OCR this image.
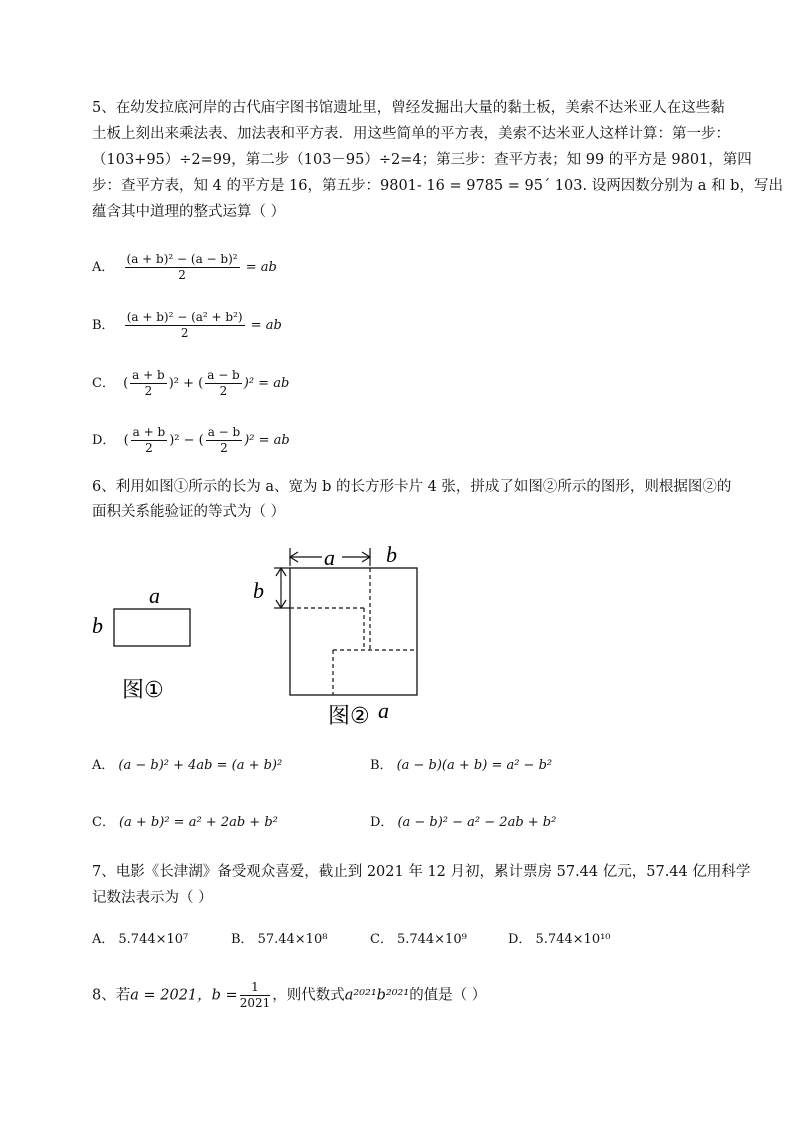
5、在幼发拉底河岸的古代庙宇图书馆遗址里，曾经发掘出大量的黏土板，美索不达米亚人在这些黏
土板上刻出来乘法表、加法表和平方表．用这些简单的平方表，美索不达米亚人这样计算：第一步：
（103+95）÷2=99，第二步（103－95）÷2=4；第三步：查平方表；知 99 的平方是 9801，第四
步：查平方表，知 4 的平方是 16，第五步：9801- 16 = 9785 = 95´ 103. 设两因数分别为 a 和 b，写出
蕴含其中道理的整式运算（ ）
A． $\frac{\text{(a + b)² − (a − b)²}}{2}$ = ab
B． $\frac{\text{(a + b)² − (a² + b²)}}{2}$ = ab
C． ( $\frac{a + b}{2} )^2$ + ( $\frac{a - b}{2} )^2$ = ab
D． ( $\frac{a + b}{2} )^2$ − ( $\frac{a - b}{2} )^2$ = ab
6、利用如图①所示的长为 a、宽为 b 的长方形卡片 4 张，拼成了如图②所示的图形，则根据图②的
面积关系能验证的等式为（ ）
a
b
图①
a b
b
图② a
A． (a − b)² + 4ab = (a + b)²	B． (a − b)(a + b) = a² − b²
C． (a + b)² = a² + 2ab + b²	D． (a − b)² − a² − 2ab + b²
7、电影《长津湖》备受观众喜爱，截止到 2021 年 12 月初，累计票房 57.44 亿元，57.44 亿用科学
记数法表示为（ ）
A． 5.744×10⁷	B． 57.44×10⁸	C． 5.744×10⁹	D． 5.744×10¹⁰
8、若a = 2021，$b = \frac{1}{2021}$ ，则代数式a²⁰²¹b²⁰²¹的值是（ ）
